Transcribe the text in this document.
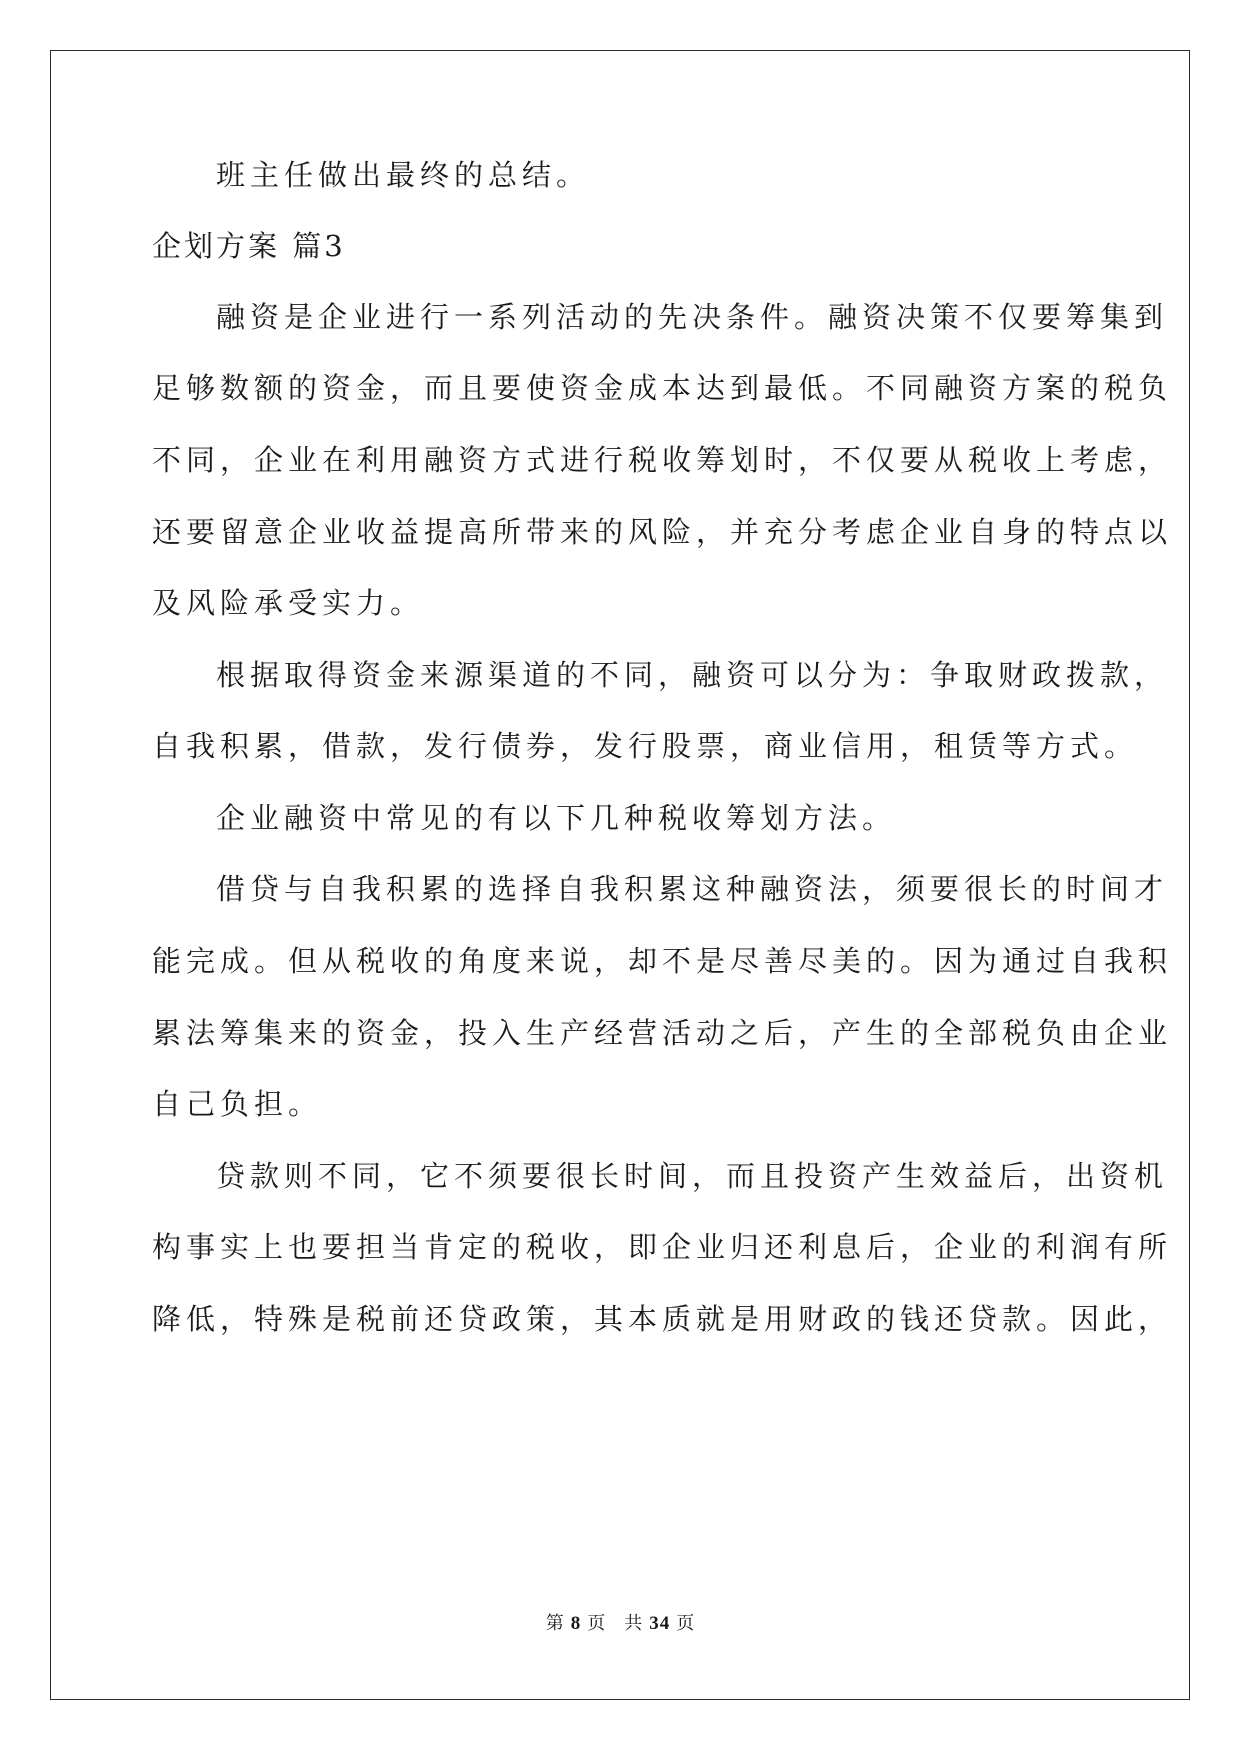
班主任做出最终的总结。
企划方案 篇3
融资是企业进行一系列活动的先决条件。融资决策不仅要筹集到
足够数额的资金，而且要使资金成本达到最低。不同融资方案的税负
不同，企业在利用融资方式进行税收筹划时，不仅要从税收上考虑，
还要留意企业收益提高所带来的风险，并充分考虑企业自身的特点以
及风险承受实力。
根据取得资金来源渠道的不同，融资可以分为：争取财政拨款，
自我积累，借款，发行债券，发行股票，商业信用，租赁等方式。
企业融资中常见的有以下几种税收筹划方法。
借贷与自我积累的选择自我积累这种融资法，须要很长的时间才
能完成。但从税收的角度来说，却不是尽善尽美的。因为通过自我积
累法筹集来的资金，投入生产经营活动之后，产生的全部税负由企业
自己负担。
贷款则不同，它不须要很长时间，而且投资产生效益后，出资机
构事实上也要担当肯定的税收，即企业归还利息后，企业的利润有所
降低，特殊是税前还贷政策，其本质就是用财政的钱还贷款。因此，
第 8 页 共 34 页
